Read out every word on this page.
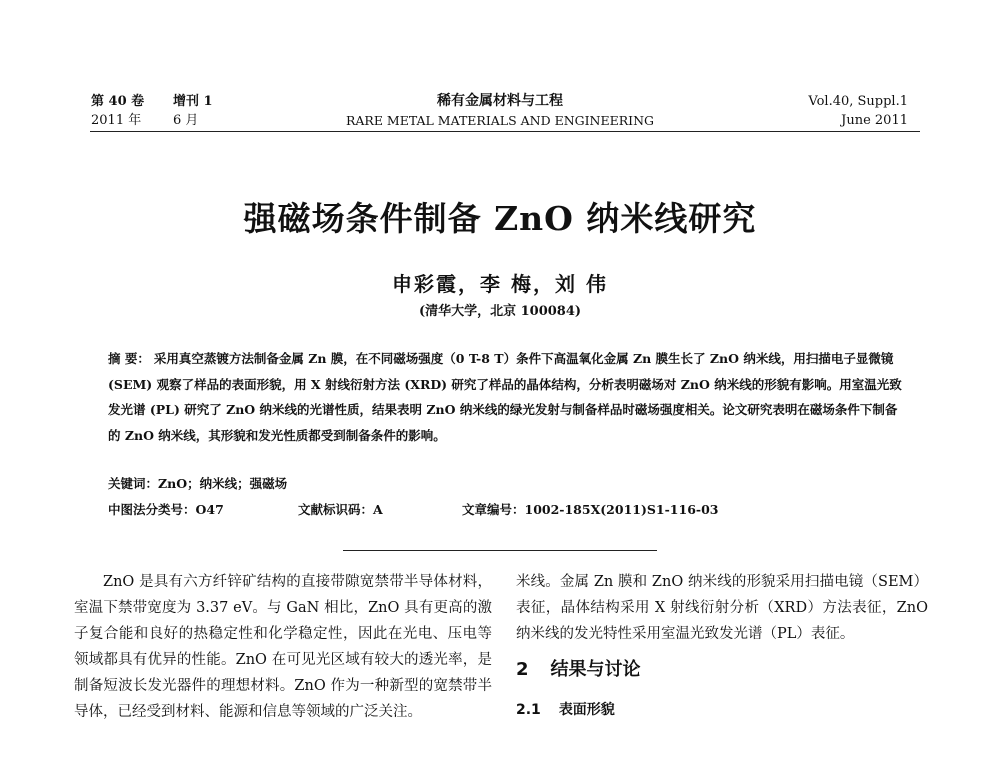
第 40 卷 增刊 1
2011 年 6 月
稀有金属材料与工程
RARE METAL MATERIALS AND ENGINEERING
Vol.40, Suppl.1
June 2011
强磁场条件制备 ZnO 纳米线研究
申彩霞，李 梅，刘 伟
(清华大学，北京 100084)
摘 要： 采用真空蒸镀方法制备金属 Zn 膜，在不同磁场强度（0 T-8 T）条件下高温氧化金属 Zn 膜生长了 ZnO 纳米线，用扫描电子显微镜 (SEM) 观察了样品的表面形貌，用 X 射线衍射方法 (XRD) 研究了样品的晶体结构，分析表明磁场对 ZnO 纳米线的形貌有影响。用室温光致发光谱 (PL) 研究了 ZnO 纳米线的光谱性质，结果表明 ZnO 纳米线的绿光发射与制备样品时磁场强度相关。论文研究表明在磁场条件下制备的 ZnO 纳米线，其形貌和发光性质都受到制备条件的影响。
关键词：ZnO；纳米线；强磁场
中图法分类号：O47	文献标识码：A	文章编号：1002-185X(2011)S1-116-03
ZnO 是具有六方纤锌矿结构的直接带隙宽禁带半导体材料，室温下禁带宽度为 3.37 eV。与 GaN 相比，ZnO 具有更高的激子复合能和良好的热稳定性和化学稳定性，因此在光电、压电等领域都具有优异的性能。ZnO 在可见光区域有较大的透光率，是制备短波长发光器件的理想材料。ZnO 作为一种新型的宽禁带半导体，已经受到材料、能源和信息等领域的广泛关注。
米线。金属 Zn 膜和 ZnO 纳米线的形貌采用扫描电镜（SEM）表征，晶体结构采用 X 射线衍射分析（XRD）方法表征，ZnO 纳米线的发光特性采用室温光致发光谱（PL）表征。
2 结果与讨论
2.1 表面形貌
